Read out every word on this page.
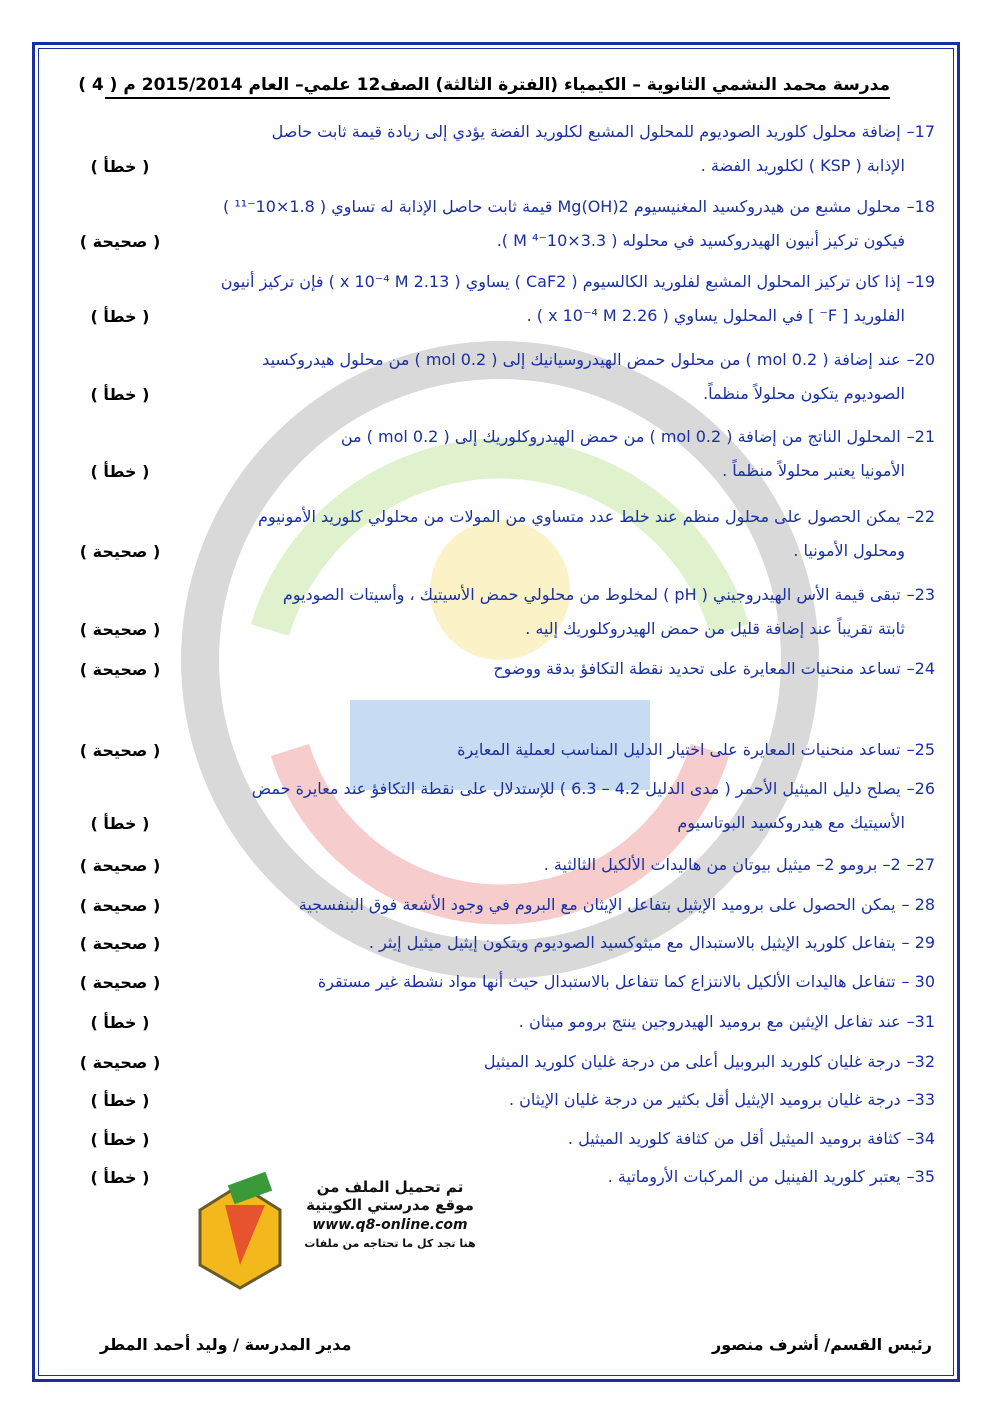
مدرسة محمد النشمي الثانوية – الكيمياء (الفترة الثالثة) الصف12 علمي– العام 2015/2014 م ( 4 )
17–إضافة محلول كلوريد الصوديوم للمحلول المشبع لكلوريد الفضة يؤدي إلى زيادة قيمة ثابت حاصل
الإذابة ( KSP ) لكلوريد الفضة .
( خطأ )
18–محلول مشبع من هيدروكسيد المغنيسيوم Mg(OH)2 قيمة ثابت حاصل الإذابة له تساوي ( 1.8×10⁻¹¹ )
فيكون تركيز أنيون الهيدروكسيد في محلوله ( 3.3×10⁻⁴ M ).
( صحيحة )
19–إذا كان تركيز المحلول المشبع لفلوريد الكالسيوم ( CaF2 ) يساوي ( 2.13 x 10⁻⁴ M ) فإن تركيز أنيون
الفلوريد [ F⁻ ] في المحلول يساوي ( 2.26 x 10⁻⁴ M ) .
( خطأ )
20–عند إضافة ( 0.2 mol ) من محلول حمض الهيدروسيانيك إلى ( 0.2 mol ) من محلول هيدروكسيد
الصوديوم يتكون محلولاً منظماً.
( خطأ )
21–المحلول الناتج من إضافة ( 0.2 mol ) من حمض الهيدروكلوريك إلى ( 0.2 mol ) من
الأمونيا يعتبر محلولاً منظماً .
( خطأ )
22–يمكن الحصول على محلول منظم عند خلط عدد متساوي من المولات من محلولي كلوريد الأمونيوم
ومحلول الأمونيا .
( صحيحة )
23–تبقى قيمة الأس الهيدروجيني ( pH ) لمخلوط من محلولي حمض الأسيتيك ، وأسيتات الصوديوم
ثابتة تقريباً عند إضافة قليل من حمض الهيدروكلوريك إليه .
( صحيحة )
24–تساعد منحنيات المعايرة على تحديد نقطة التكافؤ بدقة ووضوح
( صحيحة )
25–تساعد منحنيات المعايرة على اختيار الدليل المناسب لعملية المعايرة
( صحيحة )
26–يصلح دليل الميثيل الأحمر ( مدى الدليل 4.2 – 6.3 ) للإستدلال على نقطة التكافؤ عند معايرة حمض
الأسيتيك مع هيدروكسيد البوتاسيوم
( خطأ )
27–2– برومو 2– ميثيل بيوتان من هاليدات الألكيل الثالثية .
( صحيحة )
28 –يمكن الحصول على بروميد الإيثيل بتفاعل الإيثان مع البروم في وجود الأشعة فوق البنفسجية
( صحيحة )
29 –يتفاعل كلوريد الإيثيل بالاستبدال مع ميثوكسيد الصوديوم ويتكون إيثيل ميثيل إيثر .
( صحيحة )
30 –تتفاعل هاليدات الألكيل بالانتزاع كما تتفاعل بالاستبدال حيث أنها مواد نشطة غير مستقرة
( صحيحة )
31–عند تفاعل الإيثين مع بروميد الهيدروجين ينتج برومو ميثان .
( خطأ )
32–درجة غليان كلوريد البروبيل أعلى من درجة غليان كلوريد الميثيل
( صحيحة )
33–درجة غليان بروميد الإيثيل أقل بكثير من درجة غليان الإيثان .
( خطأ )
34–كثافة بروميد الميثيل أقل من كثافة كلوريد الميثيل .
( خطأ )
35–يعتبر كلوريد الفينيل من المركبات الأروماتية .
( خطأ )	تم تحميل الملف من
موقع مدرستي الكويتية
www.q8-online.com
هنا تجد كل ما تحتاجه من ملفات
رئيس القسم/ أشرف منصور
مدير المدرسة / وليد أحمد المطر
